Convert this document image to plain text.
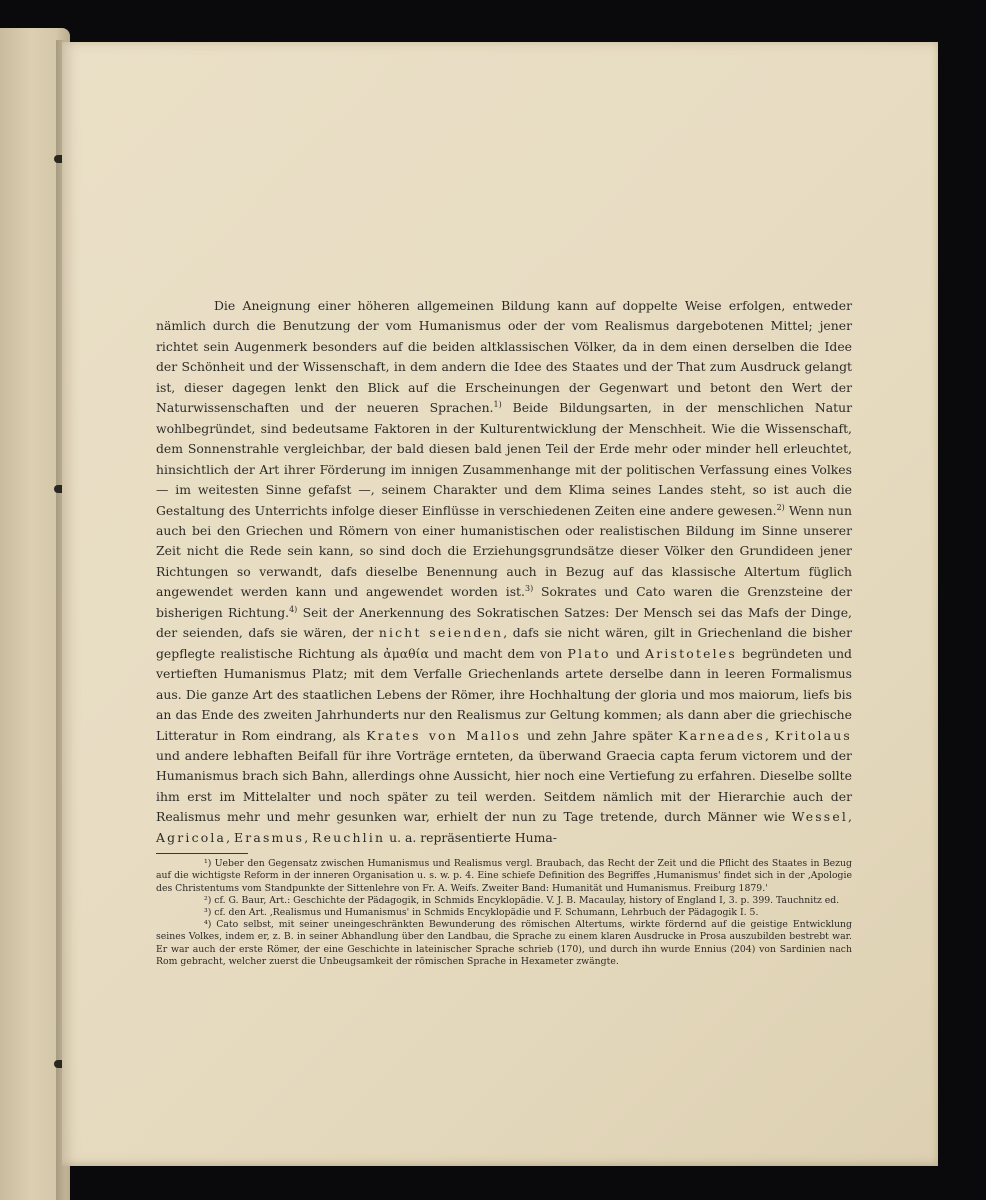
Die Aneignung einer höheren allgemeinen Bildung kann auf doppelte Weise erfolgen, entweder nämlich durch die Benutzung der vom Humanismus oder der vom Realismus dargebotenen Mittel; jener richtet sein Augenmerk besonders auf die beiden altklassischen Völker, da in dem einen derselben die Idee der Schönheit und der Wissenschaft, in dem andern die Idee des Staates und der That zum Ausdruck gelangt ist, dieser dagegen lenkt den Blick auf die Erscheinungen der Gegenwart und betont den Wert der Naturwissenschaften und der neueren Sprachen.$^{1)}$ Beide Bildungsarten, in der menschlichen Natur wohlbegründet, sind bedeutsame Faktoren in der Kulturentwicklung der Menschheit. Wie die Wissenschaft, dem Sonnenstrahle vergleichbar, der bald diesen bald jenen Teil der Erde mehr oder minder hell erleuchtet, hinsichtlich der Art ihrer Förderung im innigen Zusammenhange mit der politischen Verfassung eines Volkes — im weitesten Sinne gefafst —, seinem Charakter und dem Klima seines Landes steht, so ist auch die Gestaltung des Unterrichts infolge dieser Einflüsse in verschiedenen Zeiten eine andere gewesen.$^{2)}$ Wenn nun auch bei den Griechen und Römern von einer humanistischen oder realistischen Bildung im Sinne unserer Zeit nicht die Rede sein kann, so sind doch die Erziehungsgrundsätze dieser Völker den Grundideen jener Richtungen so verwandt, dafs dieselbe Benennung auch in Bezug auf das klassische Altertum füglich angewendet werden kann und angewendet worden ist.$^{3)}$ Sokrates und Cato waren die Grenzsteine der bisherigen Richtung.$^{4)}$ Seit der Anerkennung des Sokratischen Satzes: Der Mensch sei das Mafs der Dinge, der seienden, dafs sie wären, der nicht seienden, dafs sie nicht wären, gilt in Griechenland die bisher gepflegte realistische Richtung als ἀμαθία und macht dem von Plato und Aristoteles begründeten und vertieften Humanismus Platz; mit dem Verfalle Griechenlands artete derselbe dann in leeren Formalismus aus. Die ganze Art des staatlichen Lebens der Römer, ihre Hochhaltung der gloria und mos maiorum, liefs bis an das Ende des zweiten Jahrhunderts nur den Realismus zur Geltung kommen; als dann aber die griechische Litteratur in Rom eindrang, als Krates von Mallos und zehn Jahre später Karneades, Kritolaus und andere lebhaften Beifall für ihre Vorträge ernteten, da überwand Graecia capta ferum victorem und der Humanismus brach sich Bahn, allerdings ohne Aussicht, hier noch eine Vertiefung zu erfahren. Dieselbe sollte ihm erst im Mittelalter und noch später zu teil werden. Seitdem nämlich mit der Hierarchie auch der Realismus mehr und mehr gesunken war, erhielt der nun zu Tage tretende, durch Männer wie Wessel, Agricola, Erasmus, Reuchlin u. a. repräsentierte Huma-

¹) Ueber den Gegensatz zwischen Humanismus und Realismus vergl. Braubach, das Recht der Zeit und die Pflicht des Staates in Bezug auf die wichtigste Reform in der inneren Organisation u. s. w. p. 4. Eine schiefe Definition des Begriffes ‚Humanismus' findet sich in der ‚Apologie des Christentums vom Standpunkte der Sittenlehre von Fr. A. Weifs. Zweiter Band: Humanität und Humanismus. Freiburg 1879.'

²) cf. G. Baur, Art.: Geschichte der Pädagogik, in Schmids Encyklopädie. V. J. B. Macaulay, history of England I, 3. p. 399. Tauchnitz ed.

³) cf. den Art. ‚Realismus und Humanismus' in Schmids Encyklopädie und F. Schumann, Lehrbuch der Pädagogik I. 5.

⁴) Cato selbst, mit seiner uneingeschränkten Bewunderung des römischen Altertums, wirkte fördernd auf die geistige Entwicklung seines Volkes, indem er, z. B. in seiner Abhandlung über den Landbau, die Sprache zu einem klaren Ausdrucke in Prosa auszubilden bestrebt war. Er war auch der erste Römer, der eine Geschichte in lateinischer Sprache schrieb (170), und durch ihn wurde Ennius (204) von Sardinien nach Rom gebracht, welcher zuerst die Unbeugsamkeit der römischen Sprache in Hexameter zwängte.
